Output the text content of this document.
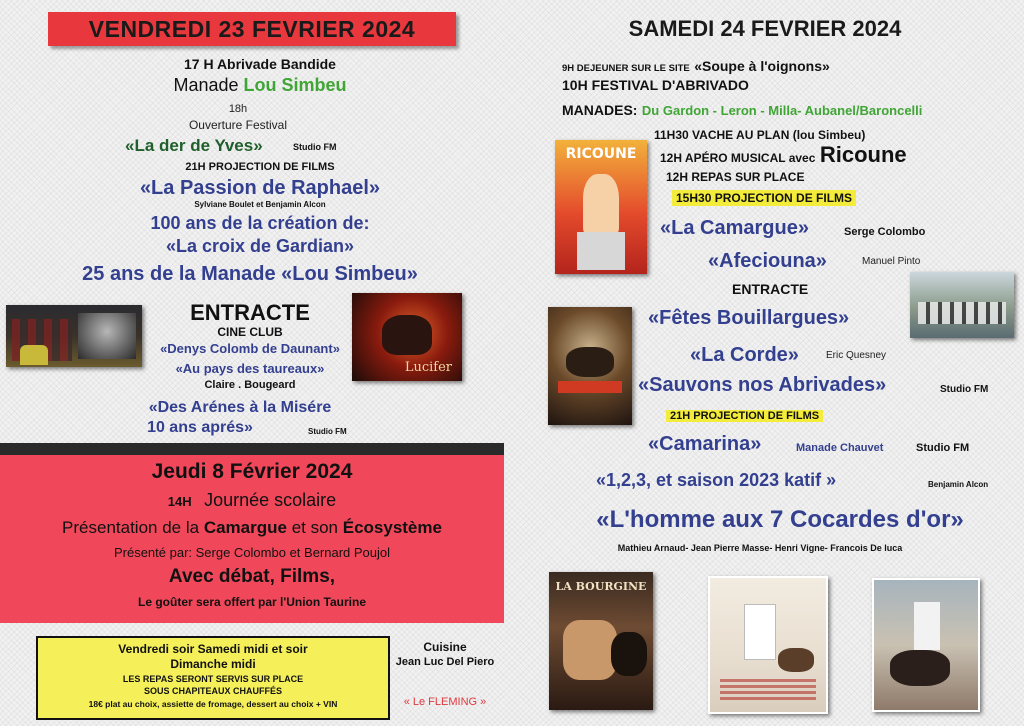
VENDREDI 23 FEVRIER 2024
17 H Abrivade Bandide
Manade Lou Simbeu
18h
Ouverture Festival
«La der de Yves»	Studio FM
21H PROJECTION DE FILMS
«La Passion de Raphael»
Sylviane Boulet et Benjamin Alcon
100 ans de la création de:
«La croix de Gardian»
25 ans de la Manade «Lou Simbeu»
ENTRACTE
CINE CLUB
«Denys Colomb de Daunant»
«Au pays des taureaux»
Claire . Bougeard
Lucifer
«Des Arénes à la Misére
10 ans aprés»	Studio FM
Jeudi 8 Février 2024
14H Journée scolaire
Présentation de la Camargue et son Écosystème
Présenté par: Serge Colombo et Bernard Poujol
Avec débat, Films,
Le goûter sera offert par l'Union Taurine
Vendredi soir Samedi midi et soir
Dimanche midi
LES REPAS SERONT SERVIS SUR PLACE
SOUS CHAPITEAUX CHAUFFÉS
18€ plat au choix, assiette de fromage, dessert au choix + VIN
Cuisine
Jean Luc Del Piero
« Le FLEMING »
SAMEDI 24 FEVRIER 2024
9H DEJEUNER SUR LE SITE «Soupe à l'oignons»
10H FESTIVAL D'ABRIVADO
MANADES: Du Gardon - Leron - Milla- Aubanel/Baroncelli
RICOUNE
11H30 VACHE AU PLAN (lou Simbeu)
12H APÉRO MUSICAL avec Ricoune
12H REPAS SUR PLACE
15H30 PROJECTION DE FILMS
«La Camargue»	Serge Colombo
«Afeciouna»	Manuel Pinto
ENTRACTE
«Fêtes Bouillargues»
«La Corde»	Eric Quesney
«Sauvons nos Abrivades»	Studio FM
21H PROJECTION DE FILMS
«Camarina»	Manade Chauvet	Studio FM
«1,2,3, et saison 2023 katif »	Benjamin Alcon
«L'homme aux 7 Cocardes d'or»
Mathieu Arnaud- Jean Pierre Masse- Henri Vigne- Francois De luca
LA BOURGINE
